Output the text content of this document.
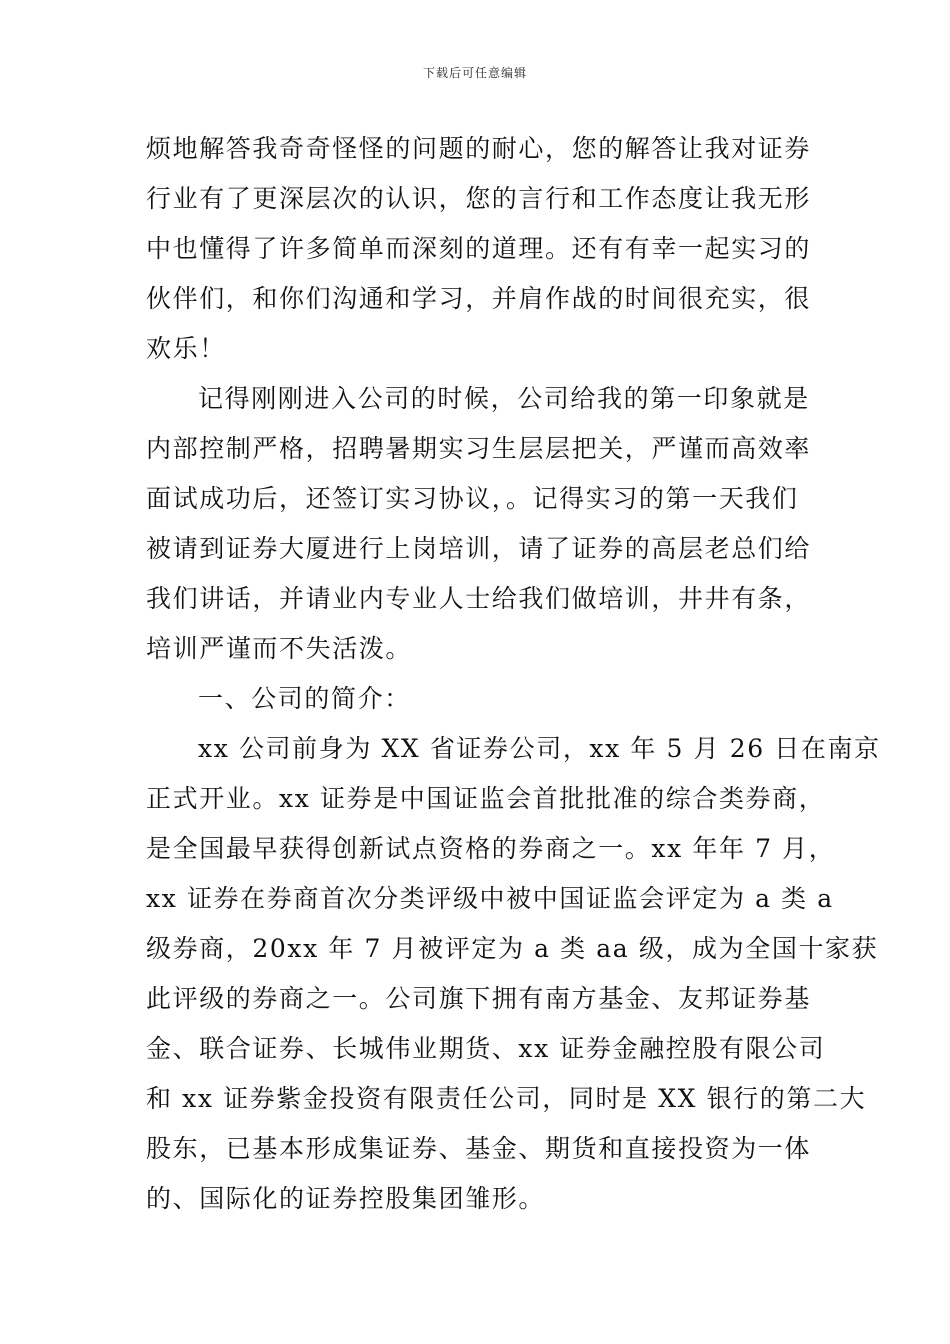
下载后可任意编辑
烦地解答我奇奇怪怪的问题的耐心，您的解答让我对证券
行业有了更深层次的认识，您的言行和工作态度让我无形
中也懂得了许多简单而深刻的道理。还有有幸一起实习的
伙伴们，和你们沟通和学习，并肩作战的时间很充实，很
欢乐！
记得刚刚进入公司的时候，公司给我的第一印象就是
内部控制严格，招聘暑期实习生层层把关，严谨而高效率
面试成功后，还签订实习协议，。记得实习的第一天我们
被请到证券大厦进行上岗培训，请了证券的高层老总们给
我们讲话，并请业内专业人士给我们做培训，井井有条，
培训严谨而不失活泼。
一、公司的简介：
xx 公司前身为 XX 省证券公司，xx 年 5 月 26 日在南京
正式开业。xx 证券是中国证监会首批批准的综合类券商，
是全国最早获得创新试点资格的券商之一。xx 年年 7 月，
xx 证券在券商首次分类评级中被中国证监会评定为 a 类 a
级券商，20xx 年 7 月被评定为 a 类 aa 级，成为全国十家获
此评级的券商之一。公司旗下拥有南方基金、友邦证券基
金、联合证券、长城伟业期货、xx 证券金融控股有限公司
和 xx 证券紫金投资有限责任公司，同时是 XX 银行的第二大
股东，已基本形成集证券、基金、期货和直接投资为一体
的、国际化的证券控股集团雏形。
